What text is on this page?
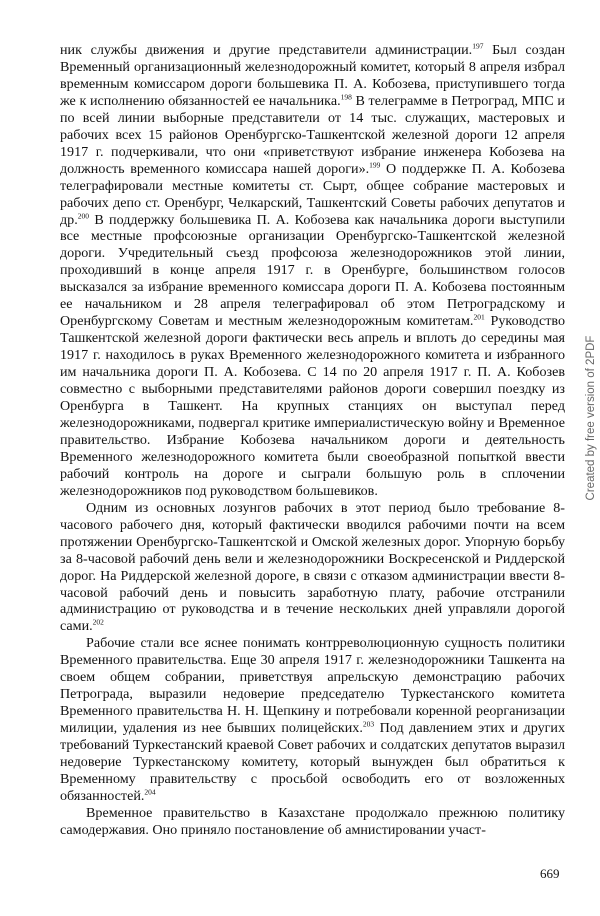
ник службы движения и другие представители администрации.$^{197}$ Был создан Временный организационный железнодорожный комитет, который 8 апреля избрал временным комиссаром дороги большевика П. А. Кобозева, приступившего тогда же к исполнению обязанностей ее начальника.$^{198}$ В телеграмме в Петроград, МПС и по всей линии выборные представители от 14 тыс. служащих, мастеровых и рабочих всех 15 районов Оренбургско-Ташкентской железной дороги 12 апреля 1917 г. подчеркивали, что они «приветствуют избрание инженера Кобозева на должность временного комиссара нашей дороги».$^{199}$ О поддержке П. А. Кобозева телеграфировали местные комитеты ст. Сырт, общее собрание мастеровых и рабочих депо ст. Оренбург, Челкарский, Ташкентский Советы рабочих депутатов и др.$^{200}$ В поддержку большевика П. А. Кобозева как начальника дороги выступили все местные профсоюзные организации Оренбургско-Ташкентской железной дороги. Учредительный съезд профсоюза железнодорожников этой линии, проходивший в конце апреля 1917 г. в Оренбурге, большинством голосов высказался за избрание временного комиссара дороги П. А. Кобозева постоянным ее начальником и 28 апреля телеграфировал об этом Петроградскому и Оренбургскому Советам и местным железнодорожным комитетам.$^{201}$ Руководство Ташкентской железной дороги фактически весь апрель и вплоть до середины мая 1917 г. находилось в руках Временного железнодорожного комитета и избранного им начальника дороги П. А. Кобозева. С 14 по 20 апреля 1917 г. П. А. Кобозев совместно с выборными представителями районов дороги совершил поездку из Оренбурга в Ташкент. На крупных станциях он выступал перед железнодорожниками, подвергал критике империалистическую войну и Временное правительство. Избрание Кобозева начальником дороги и деятельность Временного железнодорожного комитета были своеобразной попыткой ввести рабочий контроль на дороге и сыграли большую роль в сплочении железнодорожников под руководством большевиков.

Одним из основных лозунгов рабочих в этот период было требование 8-часового рабочего дня, который фактически вводился рабочими почти на всем протяжении Оренбургско-Ташкентской и Омской железных дорог. Упорную борьбу за 8-часовой рабочий день вели и железнодорожники Воскресенской и Риддерской дорог. На Риддерской железной дороге, в связи с отказом администрации ввести 8-часовой рабочий день и повысить заработную плату, рабочие отстранили администрацию от руководства и в течение нескольких дней управляли дорогой сами.$^{202}$

Рабочие стали все яснее понимать контрреволюционную сущность политики Временного правительства. Еще 30 апреля 1917 г. железнодорожники Ташкента на своем общем собрании, приветствуя апрельскую демонстрацию рабочих Петрограда, выразили недоверие председателю Туркестанского комитета Временного правительства Н. Н. Щепкину и потребовали коренной реорганизации милиции, удаления из нее бывших полицейских.$^{203}$ Под давлением этих и других требований Туркестанский краевой Совет рабочих и солдатских депутатов выразил недоверие Туркестанскому комитету, который вынужден был обратиться к Временному правительству с просьбой освободить его от возложенных обязанностей.$^{204}$

Временное правительство в Казахстане продолжало прежнюю политику самодержавия. Оно приняло постановление об амнистировании участ-

669
Created by free version of 2PDF
